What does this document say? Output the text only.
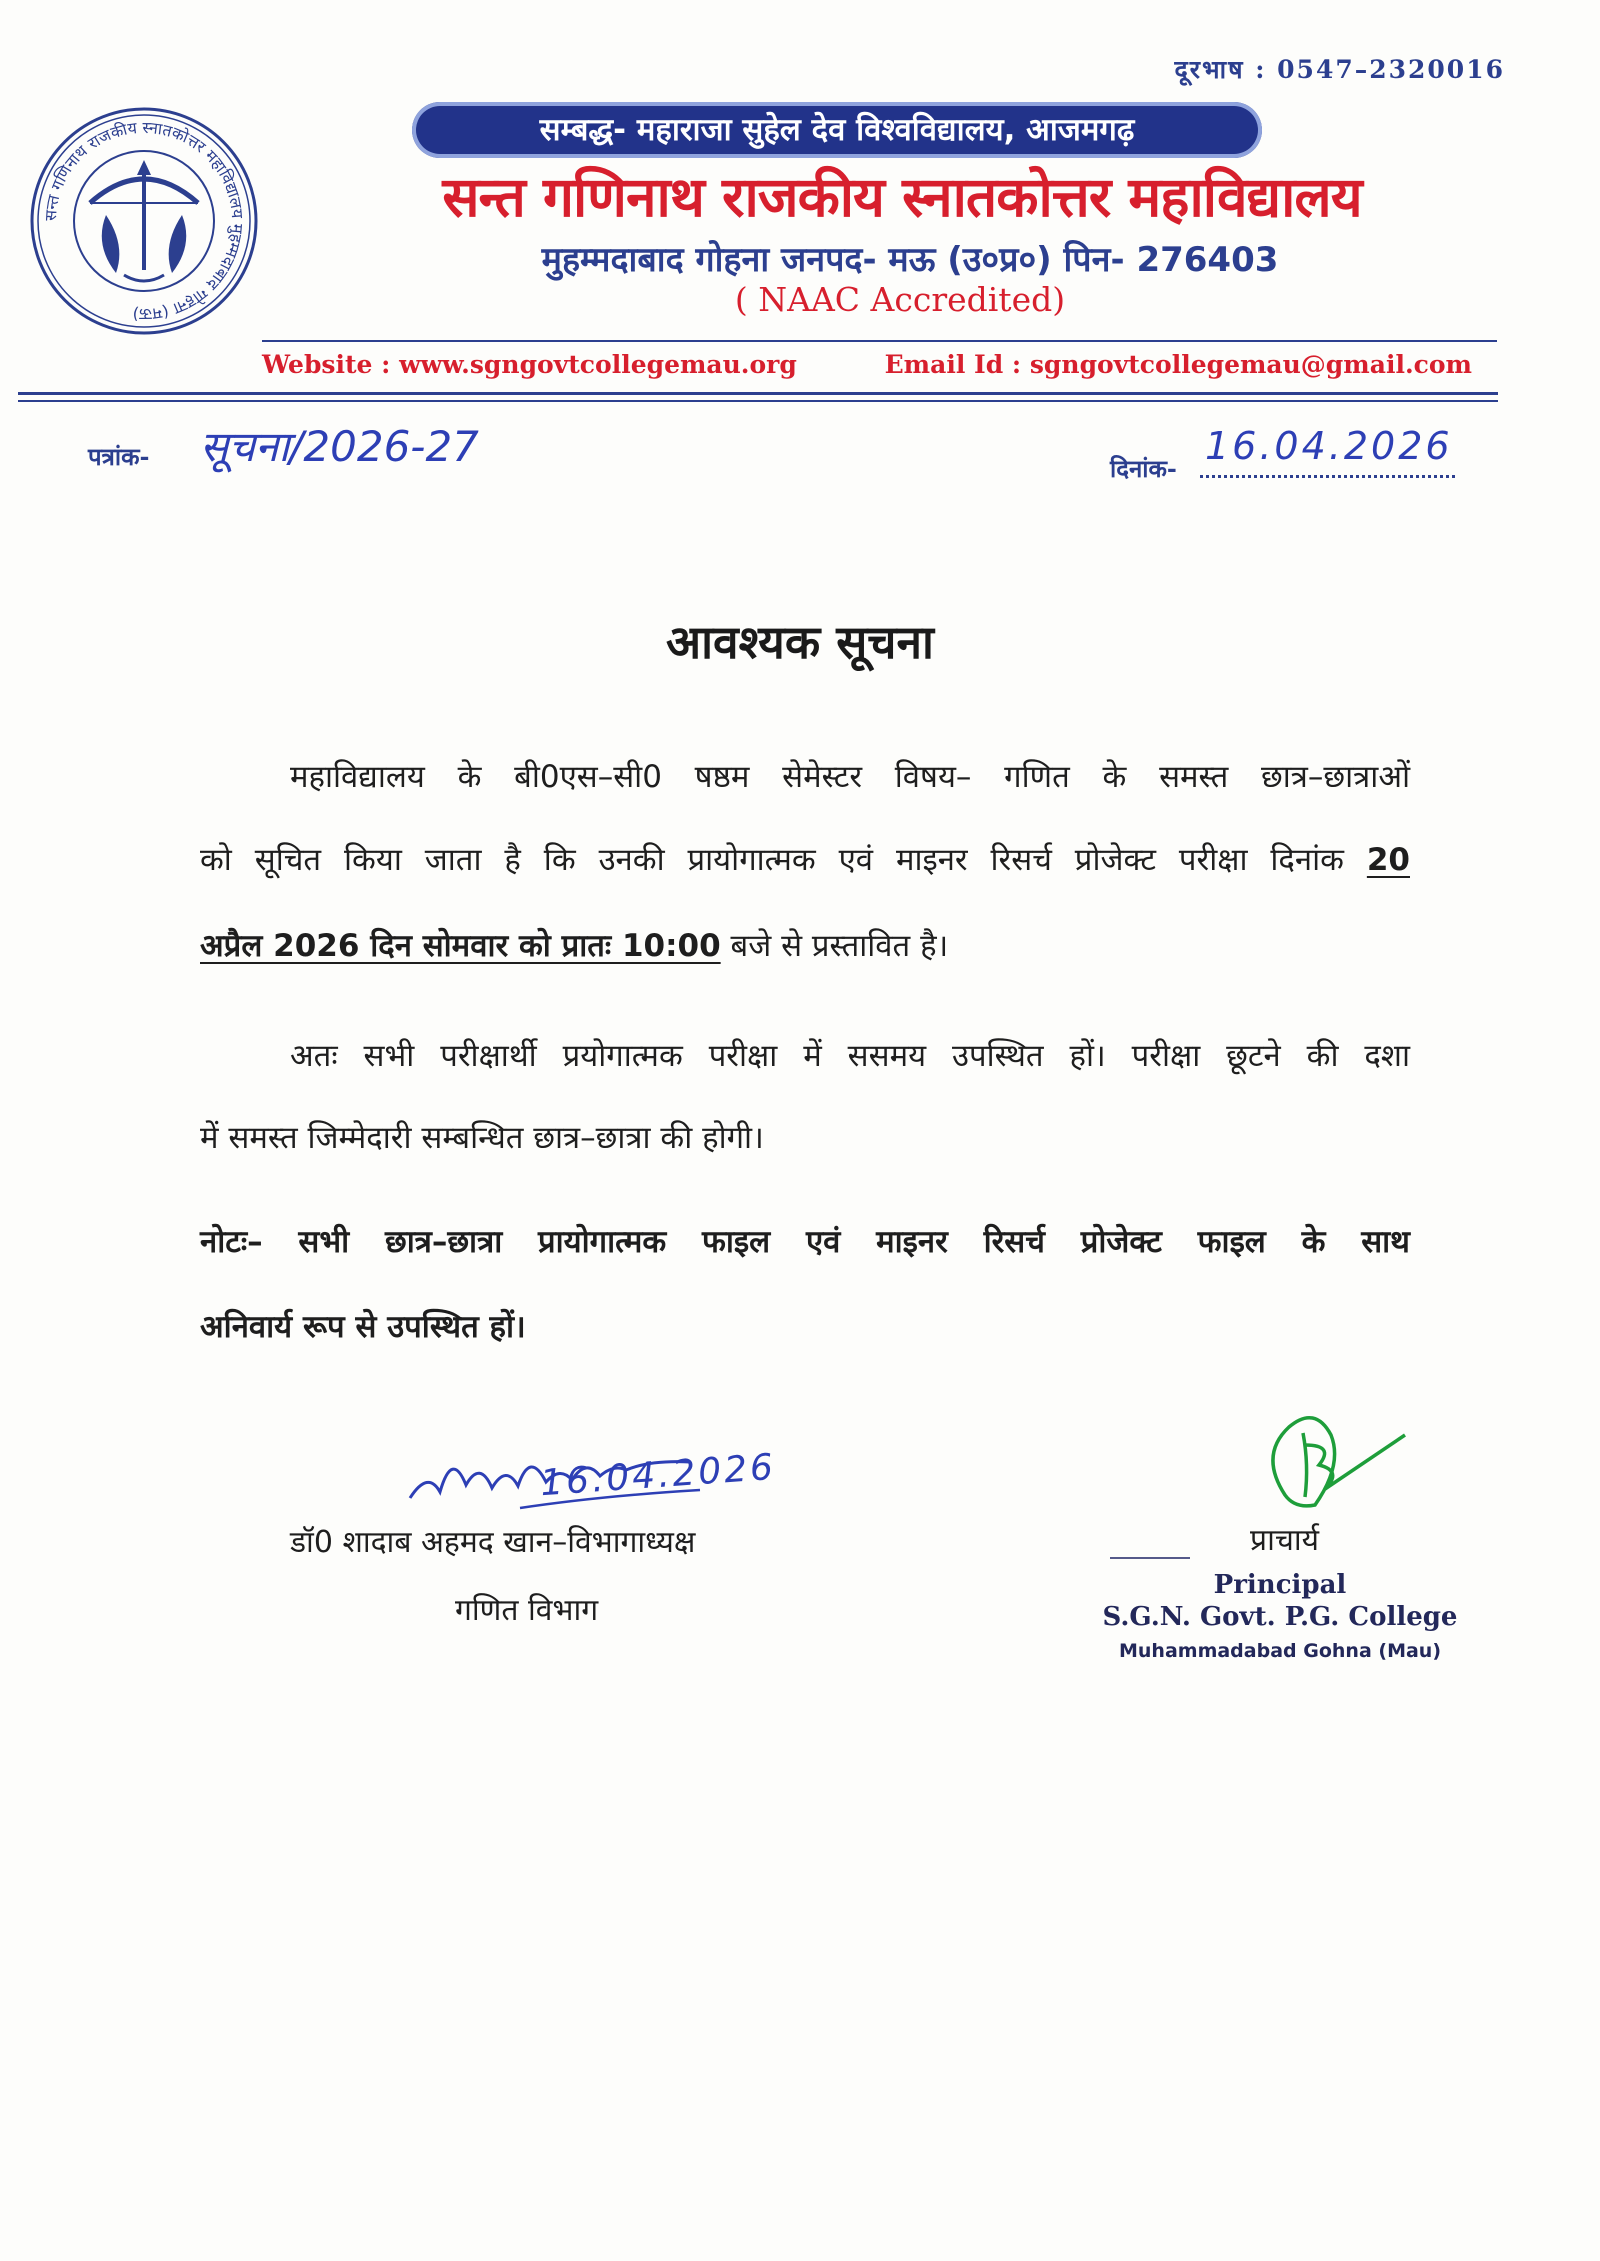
दूरभाष : 0547–2320016
सन्त गणिनाथ राजकीय स्नातकोत्तर महाविद्यालय मुहम्मदाबाद गोहना (मऊ)
सम्बद्ध- महाराजा सुहेल देव विश्वविद्यालय, आजमगढ़
सन्त गणिनाथ राजकीय स्नातकोत्तर महाविद्यालय
मुहम्मदाबाद गोहना जनपद- मऊ (उ०प्र०) पिन- 276403
( NAAC Accredited)
Website : www.sgngovtcollegemau.org	Email Id : sgngovtcollegemau@gmail.com
पत्रांक- सूचना/2026-27	दिनांक-
16.04.2026
आवश्यक सूचना
महाविद्यालय के बी0एस–सी0 षष्ठम सेमेस्टर विषय– गणित के समस्त छात्र–छात्राओं
को सूचित किया जाता है कि उनकी प्रायोगात्मक एवं माइनर रिसर्च प्रोजेक्ट परीक्षा दिनांक 20
अप्रैल 2026 दिन सोमवार को प्रातः 10:00 बजे से प्रस्तावित है।
अतः सभी परीक्षार्थी प्रयोगात्मक परीक्षा में ससमय उपस्थित हों। परीक्षा छूटने की दशा
में समस्त जिम्मेदारी सम्बन्धित छात्र–छात्रा की होगी।
नोटः– सभी छात्र–छात्रा प्रायोगात्मक फाइल एवं माइनर रिसर्च प्रोजेक्ट फाइल के साथ
अनिवार्य रूप से उपस्थित हों।
16.04.2026
डॉ0 शादाब अहमद खान–विभागाध्यक्ष
गणित विभाग
प्राचार्य
Principal
S.G.N. Govt. P.G. College
Muhammadabad Gohna (Mau)
